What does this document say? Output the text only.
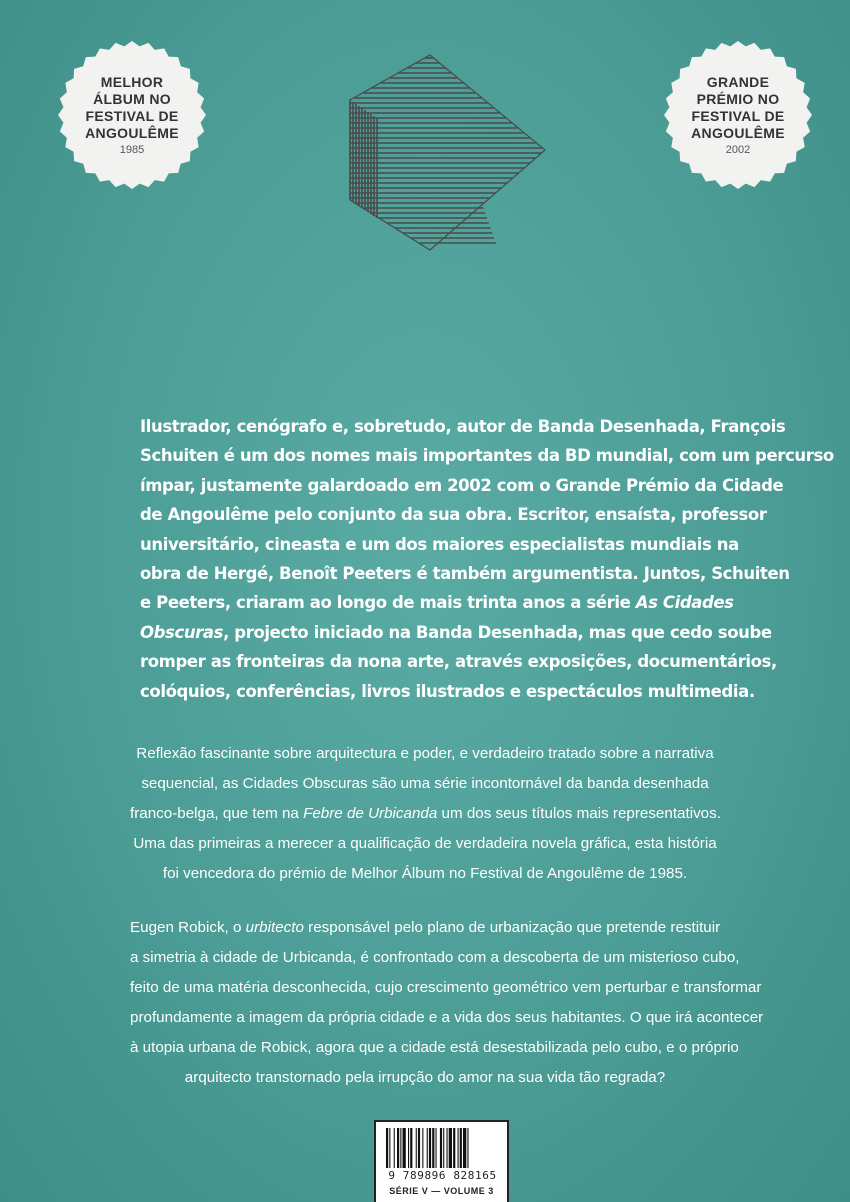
MELHOR
ÁLBUM NO
FESTIVAL DE
ANGOULÊME
1985
GRANDE
PRÉMIO NO
FESTIVAL DE
ANGOULÊME
2002
Ilustrador, cenógrafo e, sobretudo, autor de Banda Desenhada, François
Schuiten é um dos nomes mais importantes da BD mundial, com um percurso
ímpar, justamente galardoado em 2002 com o Grande Prémio da Cidade
de Angoulême pelo conjunto da sua obra. Escritor, ensaísta, professor
universitário, cineasta e um dos maiores especialistas mundiais na
obra de Hergé, Benoît Peeters é também argumentista. Juntos, Schuiten
e Peeters, criaram ao longo de mais trinta anos a série As Cidades
Obscuras, projecto iniciado na Banda Desenhada, mas que cedo soube
romper as fronteiras da nona arte, através exposições, documentários,
colóquios, conferências, livros ilustrados e espectáculos multimedia.
Reflexão fascinante sobre arquitectura e poder, e verdadeiro tratado sobre a narrativa
sequencial, as Cidades Obscuras são uma série incontornável da banda desenhada
franco-belga, que tem na Febre de Urbicanda um dos seus títulos mais representativos.
Uma das primeiras a merecer a qualificação de verdadeira novela gráfica, esta história
foi vencedora do prémio de Melhor Álbum no Festival de Angoulême de 1985.
Eugen Robick, o urbitecto responsável pelo plano de urbanização que pretende restituir
a simetria à cidade de Urbicanda, é confrontado com a descoberta de um misterioso cubo,
feito de uma matéria desconhecida, cujo crescimento geométrico vem perturbar e transformar
profundamente a imagem da própria cidade e a vida dos seus habitantes. O que irá acontecer
à utopia urbana de Robick, agora que a cidade está desestabilizada pelo cubo, e o próprio
arquitecto transtornado pela irrupção do amor na sua vida tão regrada?
9 789896 828165
SÉRIE V — VOLUME 3
